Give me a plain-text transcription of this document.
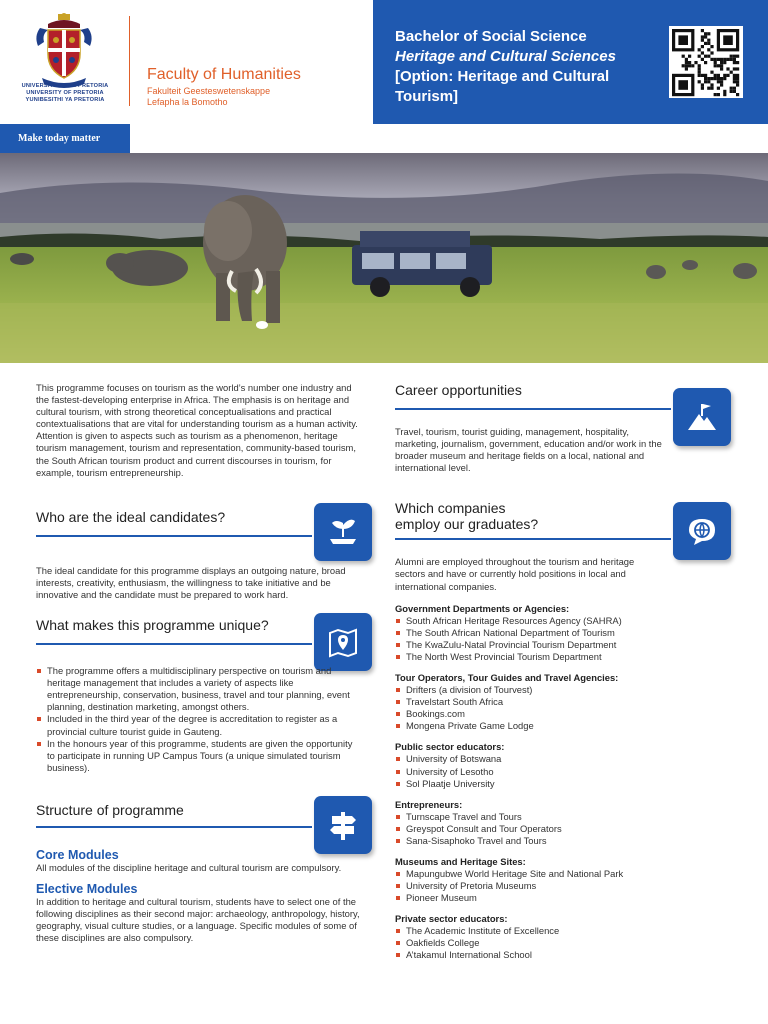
UNIVERSITEIT VAN PRETORIA
UNIVERSITY OF PRETORIA
YUNIBESITHI YA PRETORIA
Faculty of Humanities
Fakulteit Geesteswetenskappe
Lefapha la Bomotho
Bachelor of Social Science
Heritage and Cultural Sciences
[Option: Heritage and Cultural Tourism]
Make today matter

This programme focuses on tourism as the world’s number one industry and the fastest-developing enterprise in Africa. The emphasis is on heritage and cultural tourism, with strong theoretical conceptualisations and practical contextualisations that are vital for understanding tourism as a human activity. Attention is given to aspects such as tourism as a phenomenon, heritage tourism management, tourism and representation, community-based tourism, the South African tourism product and current discourses in tourism, for example, tourism entrepreneurship.

Who are the ideal candidates?

The ideal candidate for this programme displays an outgoing nature, broad interests, creativity, enthusiasm, the willingness to take initiative and be innovative and the candidate must be prepared to work hard.

What makes this programme unique?
The programme offers a multidisciplinary perspective on tourism and heritage management that includes a variety of aspects like entrepreneurship, conservation, business, travel and tour planning, event planning, destination marketing, amongst others.
Included in the third year of the degree is accreditation to register as a provincial culture tourist guide in Gauteng.
In the honours year of this programme, students are given the opportunity to participate in running UP Campus Tours (a unique simulated tourism business).
Structure of programme
Core Modules

All modules of the discipline heritage and cultural tourism are compulsory.

Elective Modules

In addition to heritage and cultural tourism, students have to select one of the following disciplines as their second major: archaeology, anthropology, history, geography, visual culture studies, or a language. Specific modules of some of these disciplines are also compulsory.

Career opportunities

Travel, tourism, tourist guiding, management, hospitality, marketing, journalism, government, education and/or work in the broader museum and heritage fields on a local, national and international level.

Which companies
employ our graduates?

Alumni are employed throughout the tourism and heritage sectors and have or currently hold positions in local and international companies.

Government Departments or Agencies:
South African Heritage Resources Agency (SAHRA)
The South African National Department of Tourism
The KwaZulu-Natal Provincial Tourism Department
The North West Provincial Tourism Department
Tour Operators, Tour Guides and Travel Agencies:
Drifters (a division of Tourvest)
Travelstart South Africa
Bookings.com
Mongena Private Game Lodge
Public sector educators:
University of Botswana
University of Lesotho
Sol Plaatje University
Entrepreneurs:
Turnscape Travel and Tours
Greyspot Consult and Tour Operators
Sana-Sisaphoko Travel and Tours
Museums and Heritage Sites:
Mapungubwe World Heritage Site and National Park
University of Pretoria Museums
Pioneer Museum
Private sector educators:
The Academic Institute of Excellence
Oakfields College
A’takamul International School
